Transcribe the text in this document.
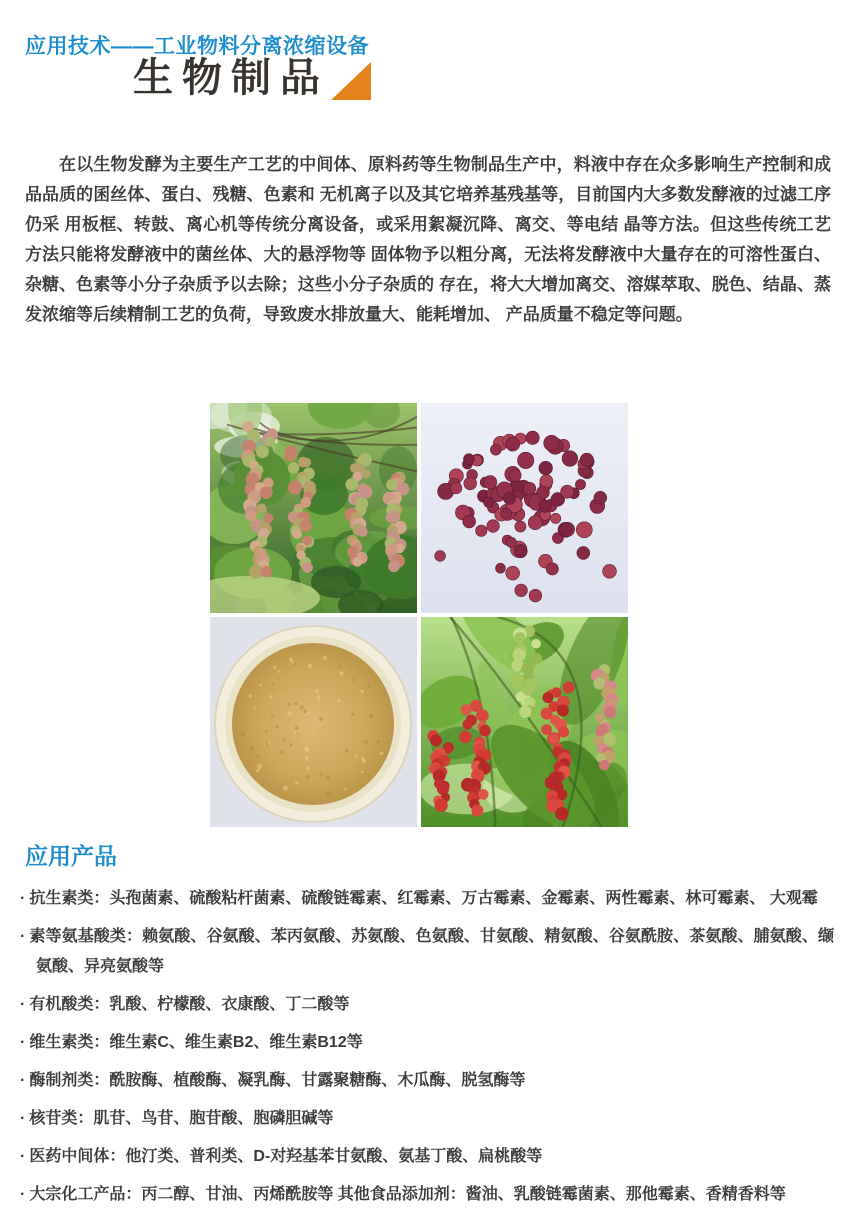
应用技术——工业物料分离浓缩设备
生物制品

在以生物发酵为主要生产工艺的中间体、原料药等生物制品生产中，料液中存在众多影响生产控制和成品品质的囷丝体、蛋白、残糖、色素和 无机离子以及其它培养基残基等，目前国内大多数发酵液的过滤工序仍采 用板框、转鼓、离心机等传统分离设备，或采用絮凝沉降、离交、等电结 晶等方法。但这些传统工艺方法只能将发酵液中的菌丝体、大的悬浮物等 固体物予以粗分离，无法将发酵液中大量存在的可溶性蛋白、杂糖、色素等小分子杂质予以去除；这些小分子杂质的 存在，将大大增加离交、溶媒萃取、脱色、结晶、蒸发浓缩等后续精制工艺的负荷，导致废水排放量大、能耗增加、 产品质量不稳定等问题。

应用产品

· 抗生素类：头孢菌素、硫酸粘杆菌素、硫酸链霉素、红霉素、万古霉素、金霉素、两性霉素、林可霉素、 大观霉

· 素等氨基酸类：赖氨酸、谷氨酸、苯丙氨酸、苏氨酸、色氨酸、甘氨酸、精氨酸、谷氨酰胺、茶氨酸、脯氨酸、缬氨酸、异亮氨酸等

· 有机酸类：乳酸、柠檬酸、衣康酸、丁二酸等

· 维生素类：维生素C、维生素B2、维生素B12等

· 酶制剂类：酰胺酶、植酸酶、凝乳酶、甘露聚糖酶、木瓜酶、脱氢酶等

· 核苷类：肌苷、鸟苷、胞苷酸、胞磷胆碱等

· 医药中间体：他汀类、普利类、D-对羟基苯甘氨酸、氨基丁酸、扁桃酸等

· 大宗化工产品：丙二醇、甘油、丙烯酰胺等 其他食品添加剂：酱油、乳酸链霉菌素、那他霉素、香精香料等
